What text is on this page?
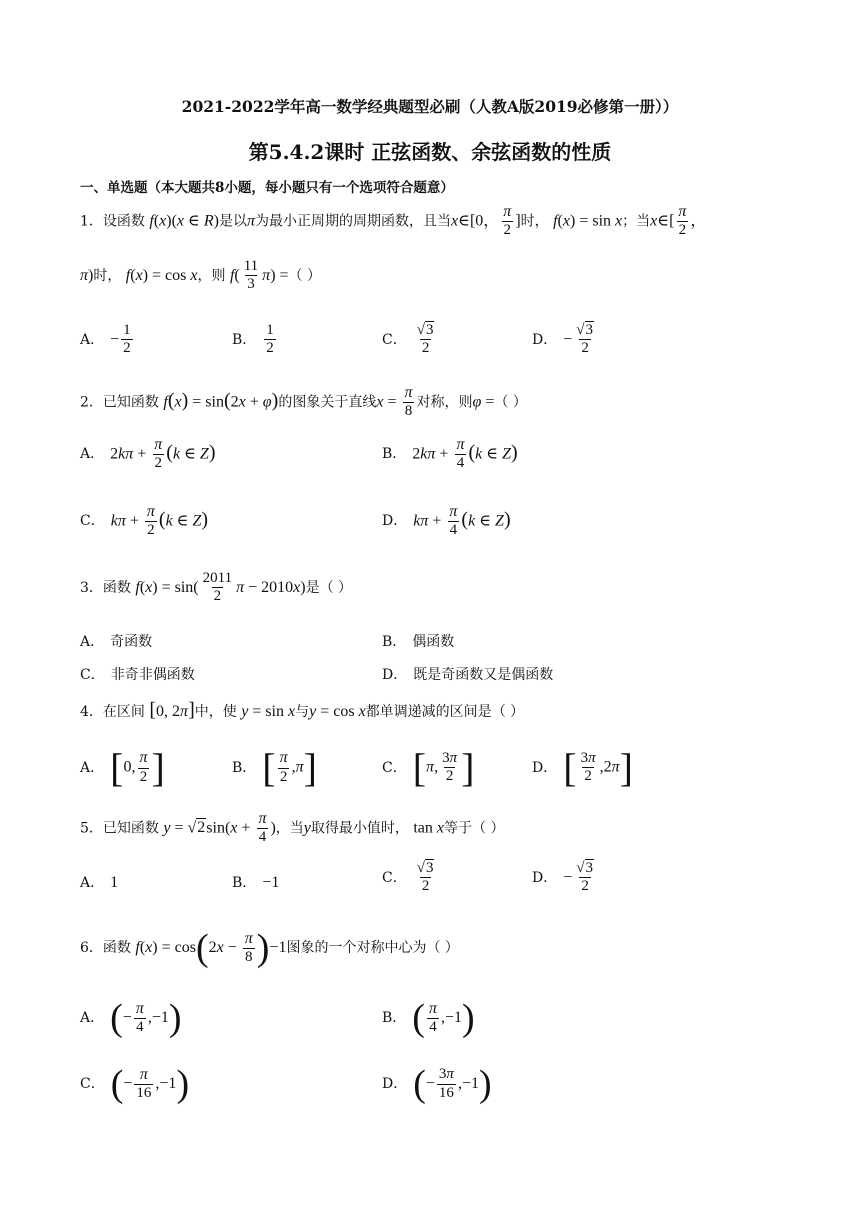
2021-2022学年高一数学经典题型必刷（人教A版2019必修第一册））
第5.4.2课时 正弦函数、余弦函数的性质
一、单选题（本大题共8小题，每小题只有一个选项符合题意）
1．设函数 f(x)(x ∈ R)是以π为最小正周期的周期函数，且当x∈[0， $\frac{\pi}{2}$ ]时， f(x) = sin x；当x∈[ $\frac{\pi}{2}$ ，
π)时， f(x) = cos x，则 $f( \frac{11}{3} \pi)$ =（ ）
A． − $\frac{1}{2}$	B． $\frac{1}{2}$	C． $\frac{√3}{2}$	D． − $\frac{√3}{2}$
2．已知函数 f(x) = sin(2x + φ)的图象关于直线$x = \frac{\pi}{8}$ 对称，则φ =（ ）
A． $2k\pi + \frac{\pi}{2} (k$ ∈ Z)	B． $2k\pi + \frac{\pi}{4} (k$ ∈ Z)
C． $k\pi + \frac{\pi}{2} (k$ ∈ Z)	D． $k\pi + \frac{\pi}{4} (k$ ∈ Z)
3．函数 $f(x) = \sin( \frac{2011}{2}$ π − 2010x)是（ ）
A． 奇函数	B． 偶函数
C． 非奇非偶函数	D． 既是奇函数又是偶函数
4．在区间 [0, 2π]中，使 y = sin x与y = cos x都单调递减的区间是（ ）
A． [0, $\frac{\pi}{2}$ ]	B． [ $\frac{\pi}{2} ,\pi$]	C． [π, $\frac{3\pi}{2}$ ]	D． [ $\frac{3\pi}{2} ,2\pi$]
5．已知函数 $y = √2\sin(x + \frac{\pi}{4}$ )，当y取得最小值时， tan x等于（ ）
A． 1	B． −1	C． $\frac{√3}{2}$	D． − $\frac{√3}{2}$
6．函数 $f(x) = \cos(2x - \frac{\pi}{8} )-1$图象的一个对称中心为（ ）
A． (− $\frac{\pi}{4} ,-1$)	B． ( $\frac{\pi}{4} ,-1$)
C． (− $\frac{\pi}{16} ,-1$)	D． (− $\frac{3\pi}{16} ,-1$)
